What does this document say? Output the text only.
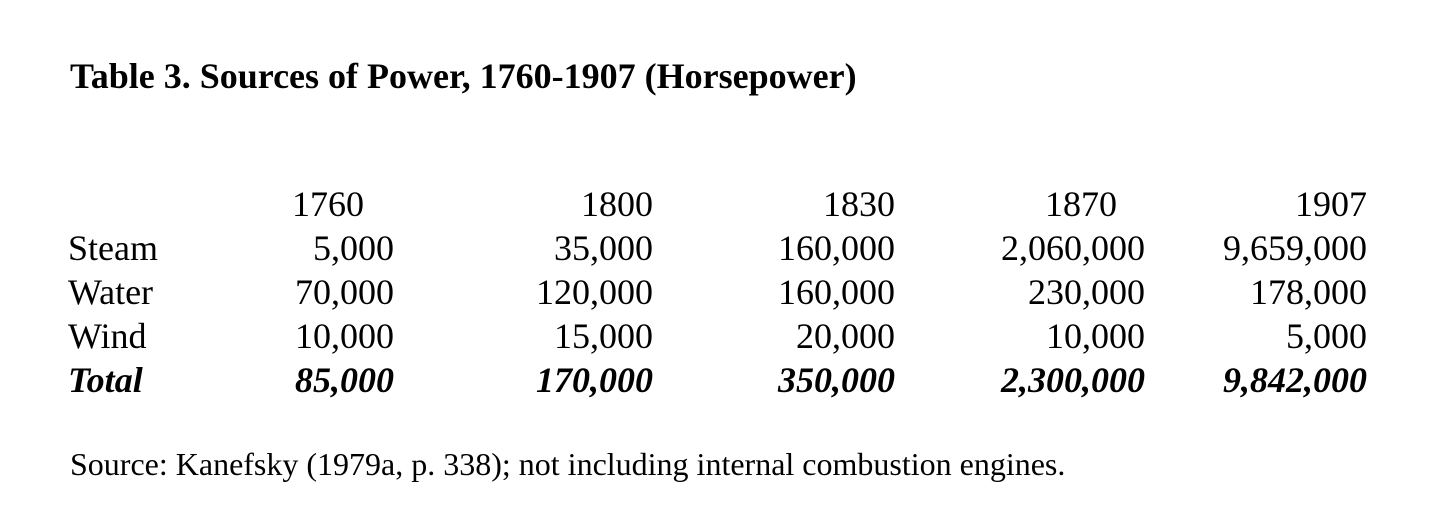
Table 3. Sources of Power, 1760-1907 (Horsepower)
	1760	1800	1830	1870	1907
Steam	5,000	35,000	160,000	2,060,000	9,659,000
Water	70,000	120,000	160,000	230,000	178,000
Wind	10,000	15,000	20,000	10,000	5,000
Total	85,000	170,000	350,000	2,300,000	9,842,000
Source: Kanefsky (1979a, p. 338); not including internal combustion engines.
